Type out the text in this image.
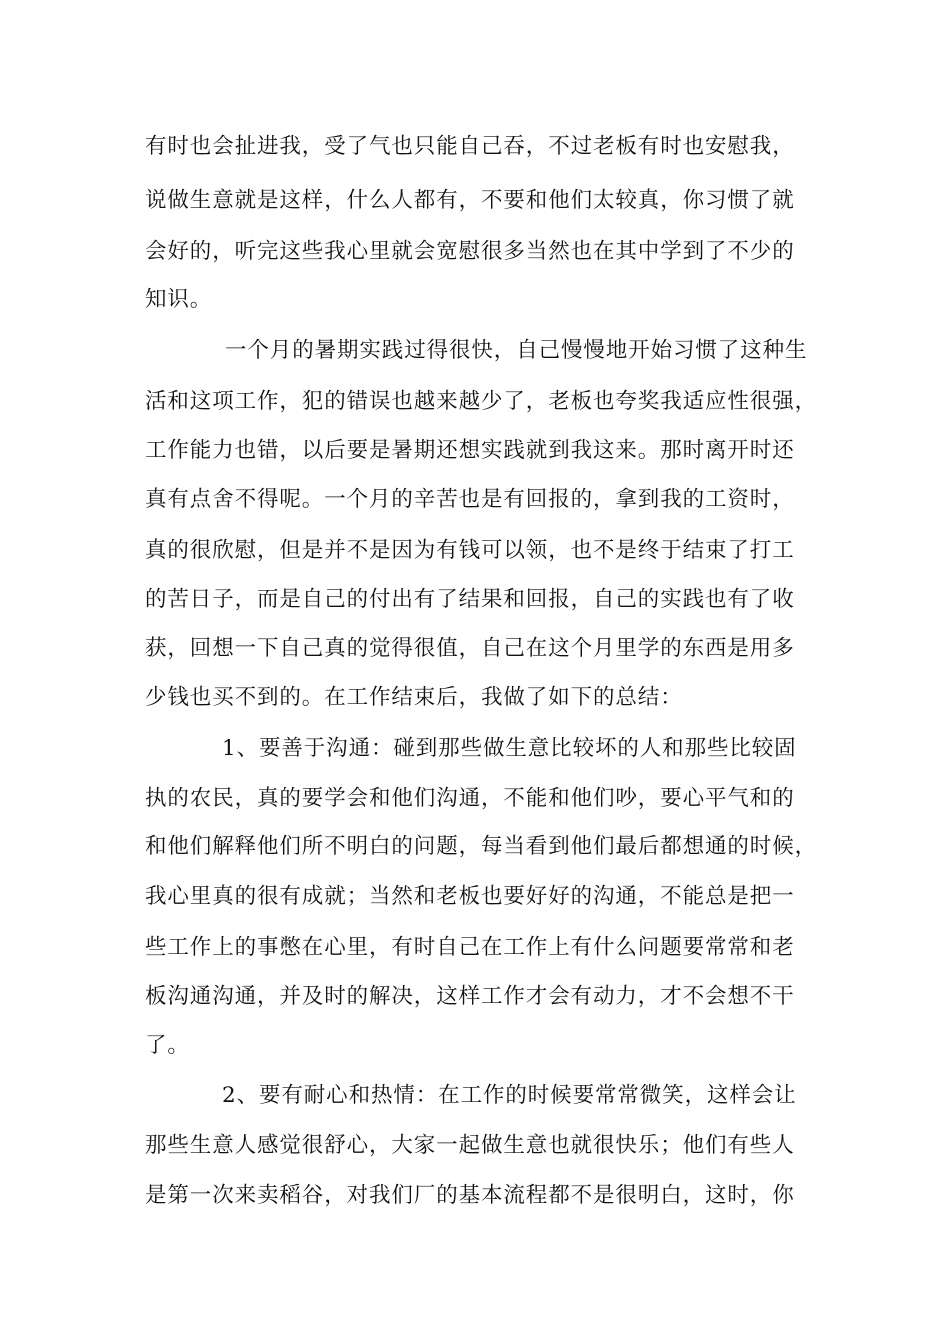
有时也会扯进我，受了气也只能自己吞，不过老板有时也安慰我，
说做生意就是这样，什么人都有，不要和他们太较真，你习惯了就
会好的，听完这些我心里就会宽慰很多当然也在其中学到了不少的
知识。
一个月的暑期实践过得很快，自己慢慢地开始习惯了这种生
活和这项工作，犯的错误也越来越少了，老板也夸奖我适应性很强，
工作能力也错，以后要是暑期还想实践就到我这来。那时离开时还
真有点舍不得呢。一个月的辛苦也是有回报的，拿到我的工资时，
真的很欣慰，但是并不是因为有钱可以领，也不是终于结束了打工
的苦日子，而是自己的付出有了结果和回报，自己的实践也有了收
获，回想一下自己真的觉得很值，自己在这个月里学的东西是用多
少钱也买不到的。在工作结束后，我做了如下的总结：
1、要善于沟通：碰到那些做生意比较坏的人和那些比较固
执的农民，真的要学会和他们沟通，不能和他们吵，要心平气和的
和他们解释他们所不明白的问题，每当看到他们最后都想通的时候，
我心里真的很有成就；当然和老板也要好好的沟通，不能总是把一
些工作上的事憋在心里，有时自己在工作上有什么问题要常常和老
板沟通沟通，并及时的解决，这样工作才会有动力，才不会想不干
了。
2、要有耐心和热情：在工作的时候要常常微笑，这样会让
那些生意人感觉很舒心，大家一起做生意也就很快乐；他们有些人
是第一次来卖稻谷，对我们厂的基本流程都不是很明白，这时，你
